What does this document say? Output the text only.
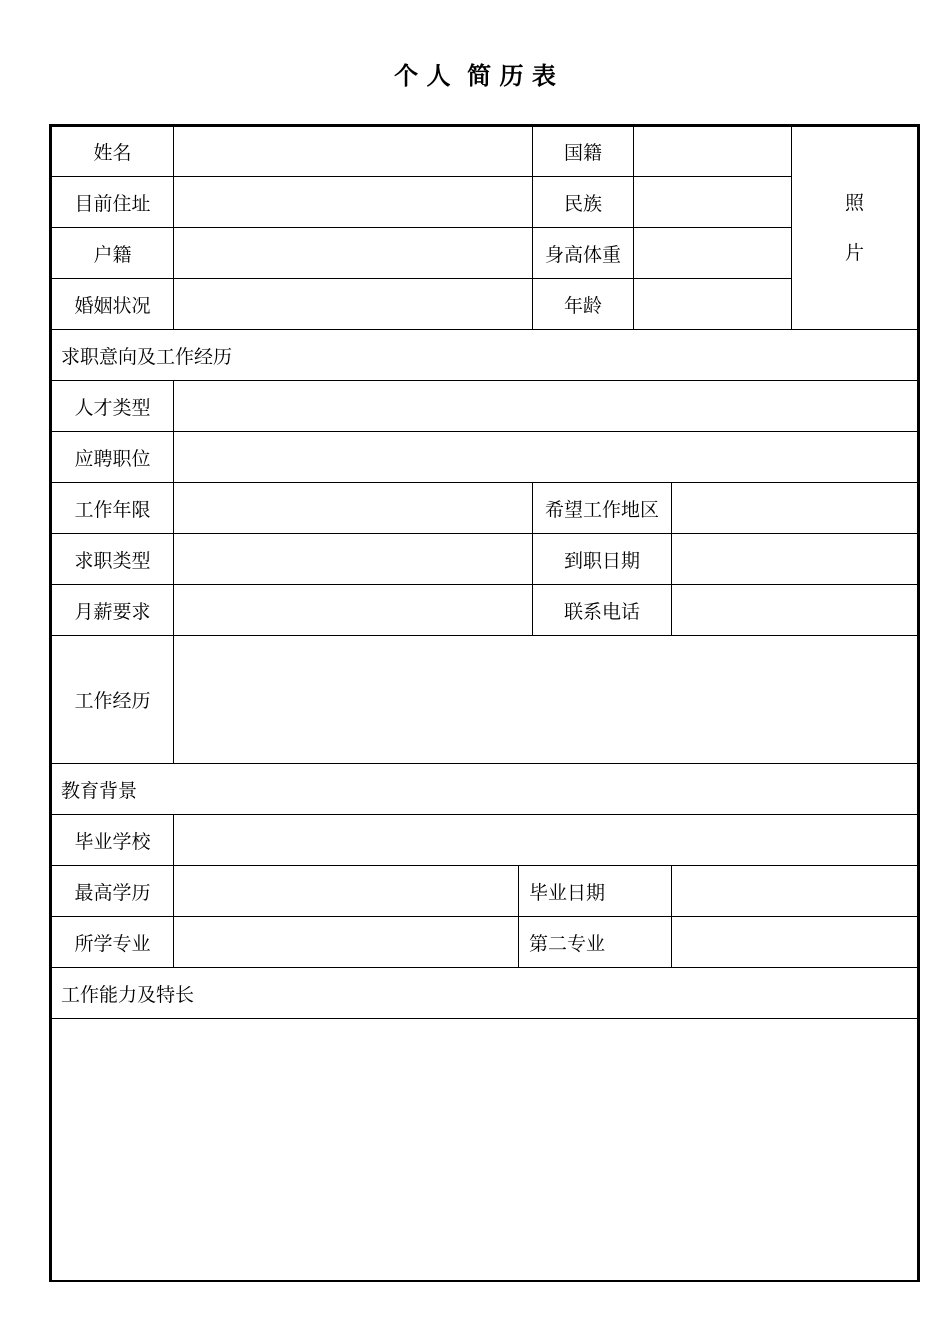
个 人  简 历 表
姓名	国籍
目前住址	民族
户籍	身高体重
婚姻状况	年龄
照
片
求职意向及工作经历
人才类型
应聘职位
工作年限	希望工作地区
求职类型	到职日期
月薪要求	联系电话
工作经历
教育背景
毕业学校
最高学历	毕业日期
所学专业	第二专业
工作能力及特长
